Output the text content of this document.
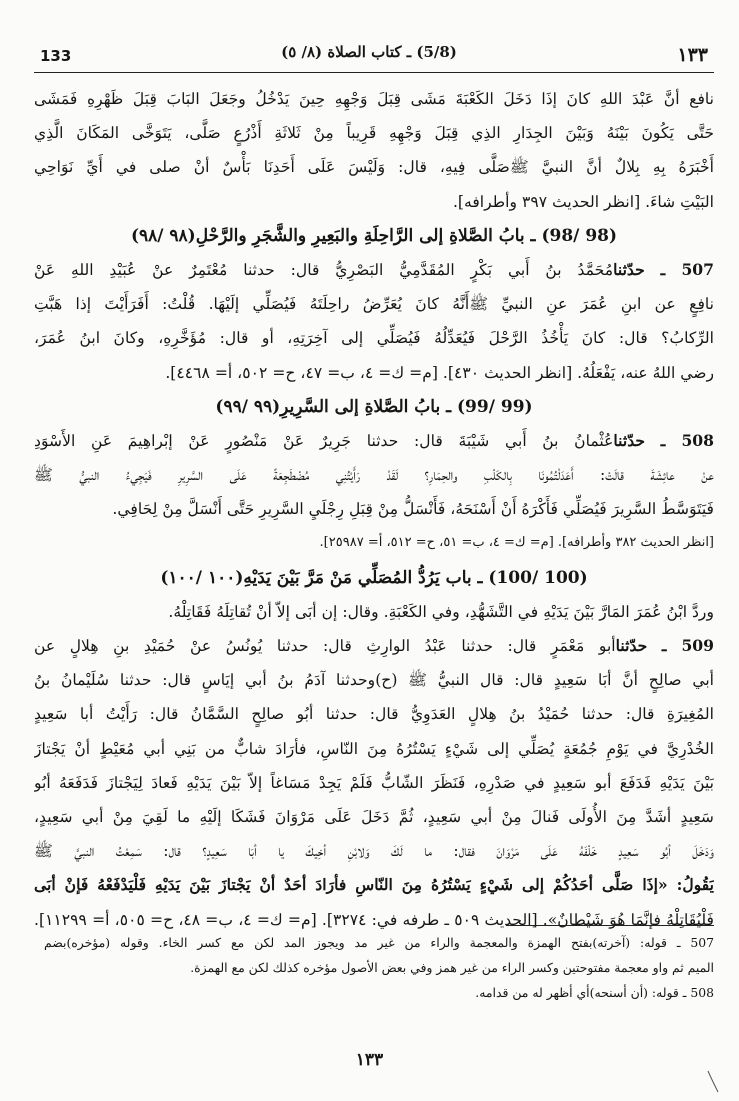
133	(5/8) ـ كتاب الصلاة (٨/ ٥)	١٣٣

نافع أنَّ عَبْدَ اللهِ كانَ إذَا دَخَلَ الكَعْبَةَ مَشَى قِبَلَ وَجْهِهِ حِينَ يَدْخُلُ وجَعَلَ البَابَ قِبَلَ ظَهْرِهِ فَمَشَى

حَتَّى يَكُونَ بَيْنَهُ وَبَيْنَ الجِدَارِ الذِي قِبَلَ وَجْهِهِ قَرِيباً مِنْ ثَلاثَةِ أَذْرُعٍ صَلَّى، يَتَوَخَّى المَكَانَ الَّذِي

أَخْبَرَهُ بِهِ بِلالٌ أنَّ النبيَّ ﷺصَلَّى فِيهِ، قال: وَلَيْسَ عَلَى أَحَدِنَا بَأْسٌ أنْ صلى في أَيِّ نَوَاحِي

البَيْتِ شاءَ. [انظر الحديث ٣٩٧ وأطرافه].

(98 /98) ـ بابُ الصَّلاةِ إلى الرَّاحِلَةِ والبَعِيرِ والشَّجَرِ والرَّحْلِ(٩٨ /٩٨)

507 ـ حدّثنامُحَمَّدُ بنُ أَبي بَكْرٍ المُقَدَّمِيُّ البَصْرِيُّ قال: حدثنا مُعْتَمِرٌ عنْ عُبَيْدِ اللهِ عَنْ

نافِعٍ عن ابنِ عُمَرَ عنِ النبيِّ ﷺأَنَّهُ كانَ يُعَرِّضُ راحِلَتَهُ فَيُصَلِّي إلَيْهَا. قُلْتُ: أَفَرَأَيْتَ إذا هَبَّتِ

الرِّكابُ؟ قال: كانَ يَأْخُذُ الرَّحْلَ فَيُعَدِّلُهُ فَيُصَلِّي إلى آخِرَتِهِ، أو قال: مُؤَخَّرِهِ، وكانَ ابنُ عُمَرَ،

رضي اللهُ عنه، يَفْعَلُهُ. [انظر الحديث ٤٣٠]. [م= ك= ٤، ب= ٤٧، ح= ٥٠٢، أ= ٤٤٦٨].

(99 /99) ـ بابُ الصَّلاةِ إلى السَّرِيرِ(٩٩ /٩٩)

508 ـ حدّثناعُثْمانُ بنُ أَبي شَيْبَةَ قال: حدثنا جَرِيرٌ عَنْ مَنْصُورٍ عَنْ إبْراهِيمَ عَنِ الأَسْوَدِ

عنْ عائِشَةَ قالَتْ: أَعَدَلْتُمُونَا بِالكَلْبِ والحِمَارِ؟ لَقَدْ رَأَيْتُنِي مُضْطَجِعَةً عَلَى السَّرِيرِ فَيَجِيءُ النبيُّ ﷺ

فَيَتَوَسَّطُ السَّرِيرَ فَيُصَلِّي فَأَكْرَهُ أَنْ أَسْنَحَهُ، فَأَنْسَلُّ مِنْ قِبَلِ رِجْلَيِ السَّرِيرِ حَتَّى أَنْسَلَّ مِنْ لِحَافِي.

[انظر الحديث ٣٨٢ وأطرافه]. [م= ك= ٤، ب= ٥١، ح= ٥١٢، أ= ٢٥٩٨٧].

(100 /100) ـ باب يَرُدُّ المُصَلِّي مَنْ مَرَّ بَيْنَ يَدَيْهِ(١٠٠ /١٠٠)

وردَّ ابْنُ عُمَرَ المَارَّ بَيْنَ يَدَيْهِ في التَّشَهُّدِ، وفي الكَعْبَةِ. وقال: إن أبَى إلاّ أنْ تُقاتِلَهُ فَقَاتِلْهُ.

509 ـ حدّثناأبو مَعْمَرٍ قال: حدثنا عَبْدُ الوارِثِ قال: حدثنا يُونُسُ عنْ حُمَيْدِ بنِ هِلالٍ عن

أبي صالِحٍ أنَّ أبَا سَعِيدٍ قال: قال النبيُّ ﷺ (ح)وحدثنا آدَمُ بنُ أبي إيَاسٍ قال: حدثنا سُلَيْمانُ بنُ

المُغِيرَةِ قال: حدثنا حُمَيْدُ بنُ هِلالٍ العَدَوِيُّ قال: حدثنا أبُو صالِحٍ السَّمَّانُ قال: رَأَيْتُ أبا سَعِيدٍ

الخُدْرِيَّ في يَوْمِ جُمُعَةٍ يُصَلِّي إلى شَيْءٍ يَسْتُرُهُ مِنَ النّاسِ، فأرَادَ شابٌّ من بَنِي أبي مُعَيْطٍ أنْ يَجْتازَ

بَيْنَ يَدَيْهِ فَدَفَعَ أبو سَعِيدٍ في صَدْرِهِ، فَنَظَرَ الشّابُّ فَلَمْ يَجِدْ مَسَاغاً إلاّ بَيْنَ يَدَيْهِ فَعادَ لِيَجْتازَ فَدَفَعَهُ أبُو

سَعِيدٍ أشَدَّ مِنَ الأُولَى فَنالَ مِنْ أبي سَعِيدٍ، ثُمَّ دَخَلَ عَلَى مَرْوَانَ فَشَكَا إلَيْهِ ما لَقِيَ مِنْ أبي سَعِيدٍ،

وَدَخَلَ أبُو سَعِيدٍ خَلْفَهُ عَلَى مَرْوَانَ فقال: ما لَكَ وَلابْنِ أخِيكَ يا أبَا سَعِيدٍ؟ قال: سَمِعْتُ النبيَّ ﷺ

يَقُولُ: «إذَا صَلَّى أحَدُكُمْ إلى شَيْءٍ يَسْتُرُهُ مِنَ النّاسِ فأرَادَ أحَدٌ أنْ يَجْتازَ بَيْنَ يَدَيْهِ فَلْيَدْفَعْهُ فَإنْ أبَى

فَلْيُقَاتِلْهُ فإنَّمَا هُوَ شَيْطانٌ». [الحديث ٥٠٩ ـ طرفه في: ٣٢٧٤]. [م= ك= ٤، ب= ٤٨، ح= ٥٠٥، أ= ١١٢٩٩].

507 ـ قوله: (آخرته)بفتح الهمزة والمعجمة والراء من غير مد ويجوز المد لكن مع كسر الخاء. وقوله (مؤخره)بضم

الميم ثم واو معجمة مفتوحتين وكسر الراء من غير همز وفي بعض الأصول مؤخره كذلك لكن مع الهمزة.

508 ـ قوله: (أن أسنحه)أي أظهر له من قدامه.

١٣٣
